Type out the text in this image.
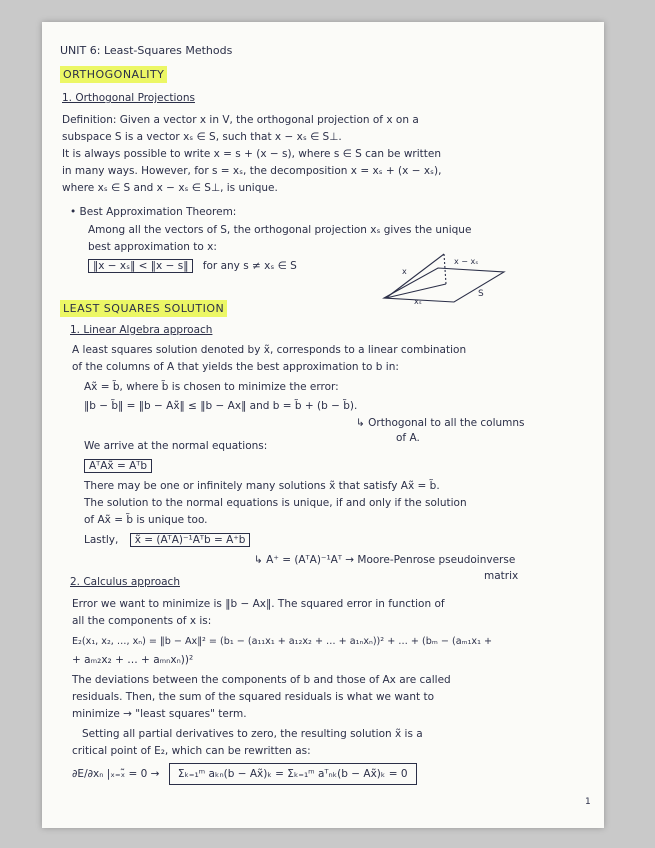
UNIT 6: Least-Squares Methods
ORTHOGONALITY
1. Orthogonal Projections
Definition: Given a vector x in V, the orthogonal projection of x on a
subspace S is a vector xₛ ∈ S, such that x − xₛ ∈ S⊥.
It is always possible to write x = s + (x − s), where s ∈ S can be written
in many ways. However, for s = xₛ, the decomposition x = xₛ + (x − xₛ),
where xₛ ∈ S and x − xₛ ∈ S⊥, is unique.
• Best Approximation Theorem:
Among all the vectors of S, the orthogonal projection xₛ gives the unique
best approximation to x:
‖x − xₛ‖ < ‖x − s‖ for any s ≠ xₛ ∈ S	x
x − xₛ
xₛ
S
LEAST SQUARES SOLUTION
1. Linear Algebra approach
A least squares solution denoted by x̃, corresponds to a linear combination
of the columns of A that yields the best approximation to b in:
Ax̃ = b̃, where b̃ is chosen to minimize the error:
‖b − b̃‖ = ‖b − Ax̃‖ ≤ ‖b − Ax‖ and b = b̃ + (b − b̃).
↳ Orthogonal to all the columns
of A.
We arrive at the normal equations:
AᵀAx̃ = Aᵀb
There may be one or infinitely many solutions x̃ that satisfy Ax̃ = b̃.
The solution to the normal equations is unique, if and only if the solution
of Ax̃ = b̃ is unique too.
Lastly, x̃ = (AᵀA)⁻¹Aᵀb = A⁺b
↳ A⁺ = (AᵀA)⁻¹Aᵀ → Moore-Penrose pseudoinverse
matrix
2. Calculus approach
Error we want to minimize is ‖b − Ax‖. The squared error in function of
all the components of x is:
E₂(x₁, x₂, …, xₙ) = ‖b − Ax‖² = (b₁ − (a₁₁x₁ + a₁₂x₂ + … + a₁ₙxₙ))² + … + (bₘ − (aₘ₁x₁ +
+ aₘ₂x₂ + … + aₘₙxₙ))²
The deviations between the components of b and those of Ax are called
residuals. Then, the sum of the squared residuals is what we want to
minimize → "least squares" term.
Setting all partial derivatives to zero, the resulting solution x̃ is a
critical point of E₂, which can be rewritten as:
∂E/∂xₙ |ₓ₌ₓ̃ = 0 → Σₖ₌₁ᵐ aₖₙ(b − Ax̃)ₖ = Σₖ₌₁ᵐ aᵀₙₖ(b − Ax̃)ₖ = 0
1
